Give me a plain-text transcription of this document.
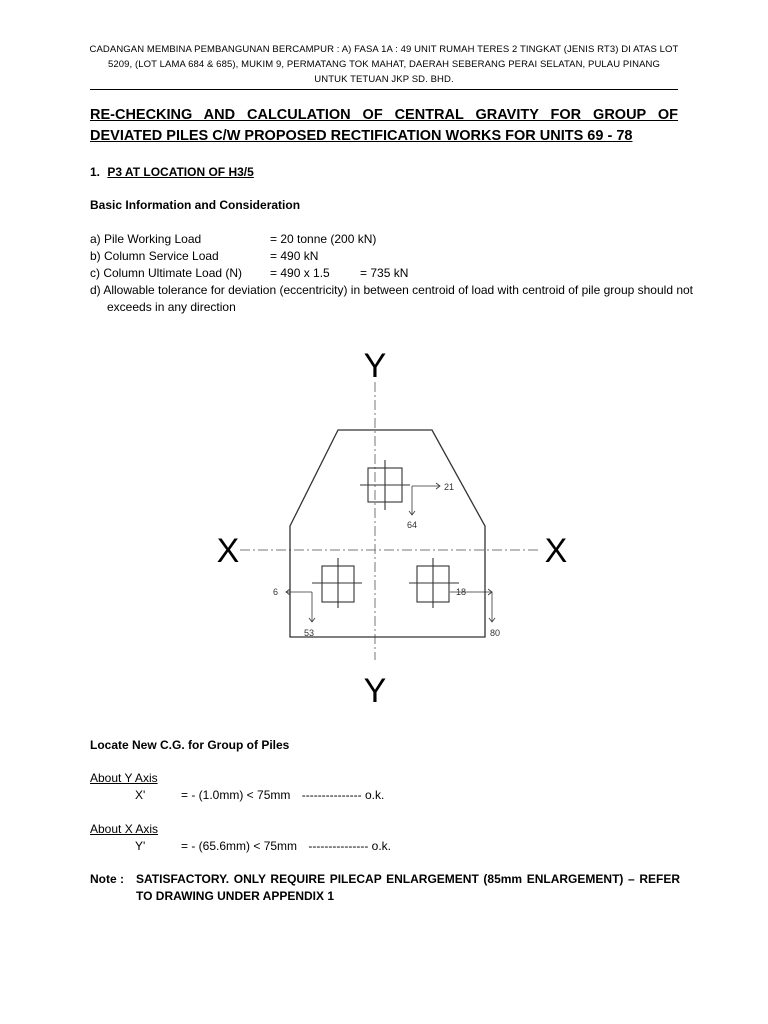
CADANGAN MEMBINA PEMBANGUNAN BERCAMPUR : A) FASA 1A : 49 UNIT RUMAH TERES 2 TINGKAT (JENIS RT3) DI ATAS LOT
5209, (LOT LAMA 684 & 685), MUKIM 9, PERMATANG TOK MAHAT, DAERAH SEBERANG PERAI SELATAN, PULAU PINANG
UNTUK TETUAN JKP SD. BHD.
RE-CHECKING AND CALCULATION OF CENTRAL GRAVITY FOR GROUP OF
DEVIATED PILES C/W PROPOSED RECTIFICATION WORKS FOR UNITS 69 - 78
1. P3 AT LOCATION OF H3/5
Basic Information and Consideration
a) Pile Working Load	= 20 tonne (200 kN)
b) Column Service Load	= 490 kN
c) Column Ultimate Load (N) = 490 x 1.5	= 735 kN
d) Allowable tolerance for deviation (eccentricity) in between centroid of load with centroid of pile group should not exceeds in any direction
Y
Y
X	X
21
64
6
53
18
80
Locate New C.G. for Group of Piles
About Y Axis
X'	= - (1.0mm) < 75mm --------------- o.k.
About X Axis
Y'	= - (65.6mm) < 75mm --------------- o.k.
Note : SATISFACTORY. ONLY REQUIRE PILECAP ENLARGEMENT (85mm ENLARGEMENT) – REFER TO DRAWING UNDER APPENDIX 1
